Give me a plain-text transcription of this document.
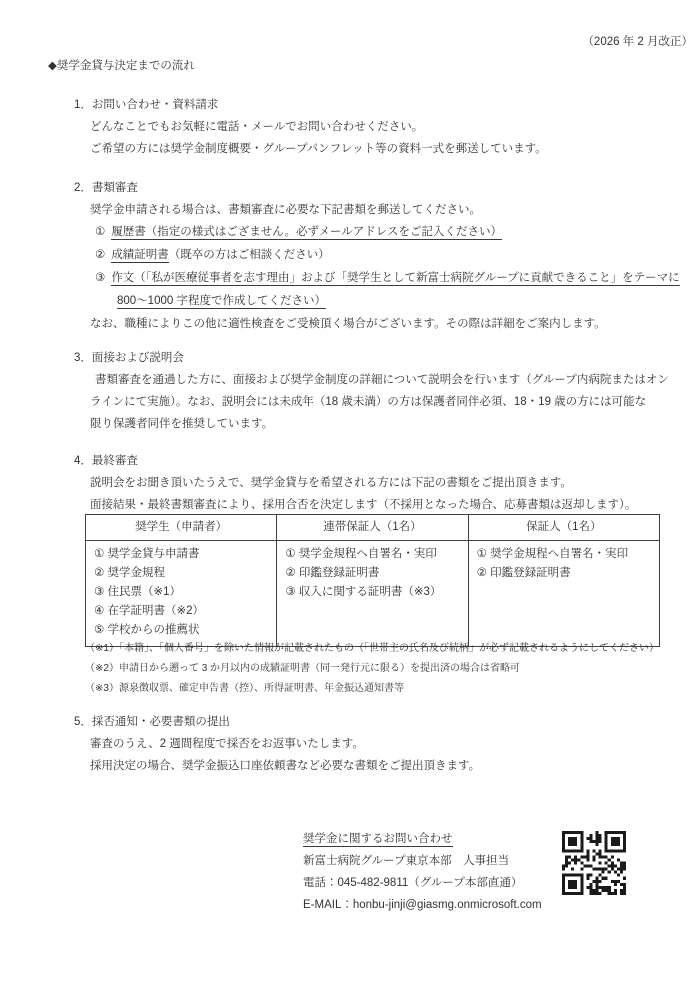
（2026 年 2 月改正）
◆奨学金貸与決定までの流れ
1．お問い合わせ・資料請求
どんなことでもお気軽に電話・メールでお問い合わせください。
ご希望の方には奨学金制度概要・グループパンフレット等の資料一式を郵送しています。
2．書類審査
奨学金申請される場合は、書類審査に必要な下記書類を郵送してください。
① 履歴書（指定の様式はござません。必ずメールアドレスをご記入ください）
② 成績証明書（既卒の方はご相談ください）
③ 作文（「私が医療従事者を志す理由」および「奨学生として新富士病院グループに貢献できること」をテーマに
800～1000 字程度で作成してください）
なお、職種によりこの他に適性検査をご受検頂く場合がございます。その際は詳細をご案内します。
3．面接および説明会
書類審査を通過した方に、面接および奨学金制度の詳細について説明会を行います（グループ内病院またはオン
ラインにて実施）。なお、説明会には未成年（18 歳未満）の方は保護者同伴必須、18・19 歳の方には可能な
限り保護者同伴を推奨しています。
4．最終審査
説明会をお聞き頂いたうえで、奨学金貸与を希望される方には下記の書類をご提出頂きます。
面接結果・最終書類審査により、採用合否を決定します（不採用となった場合、応募書類は返却します）。
奨学生（申請者）
① 奨学金貸与申請書
② 奨学金規程
③ 住民票（※1）
④ 在学証明書（※2）
⑤ 学校からの推薦状
連帯保証人（1名）
① 奨学金規程へ自署名・実印
② 印鑑登録証明書
③ 収入に関する証明書（※3）
保証人（1名）
① 奨学金規程へ自署名・実印
② 印鑑登録証明書
（※1）「本籍」、「個人番号」を除いた情報が記載されたもの（「世帯主の氏名及び続柄」が必ず記載されるようにしてください）
（※2）申請日から遡って 3 か月以内の成績証明書（同一発行元に限る）を提出済の場合は省略可
（※3）源泉徴収票、確定申告書（控）、所得証明書、年金振込通知書等
5．採否通知・必要書類の提出
審査のうえ、2 週間程度で採否をお返事いたします。
採用決定の場合、奨学金振込口座依頼書など必要な書類をご提出頂きます。
奨学金に関するお問い合わせ
新富士病院グループ東京本部　人事担当
電話：045-482-9811（グループ本部直通）
E-MAIL：honbu-jinji@giasmg.onmicrosoft.com
